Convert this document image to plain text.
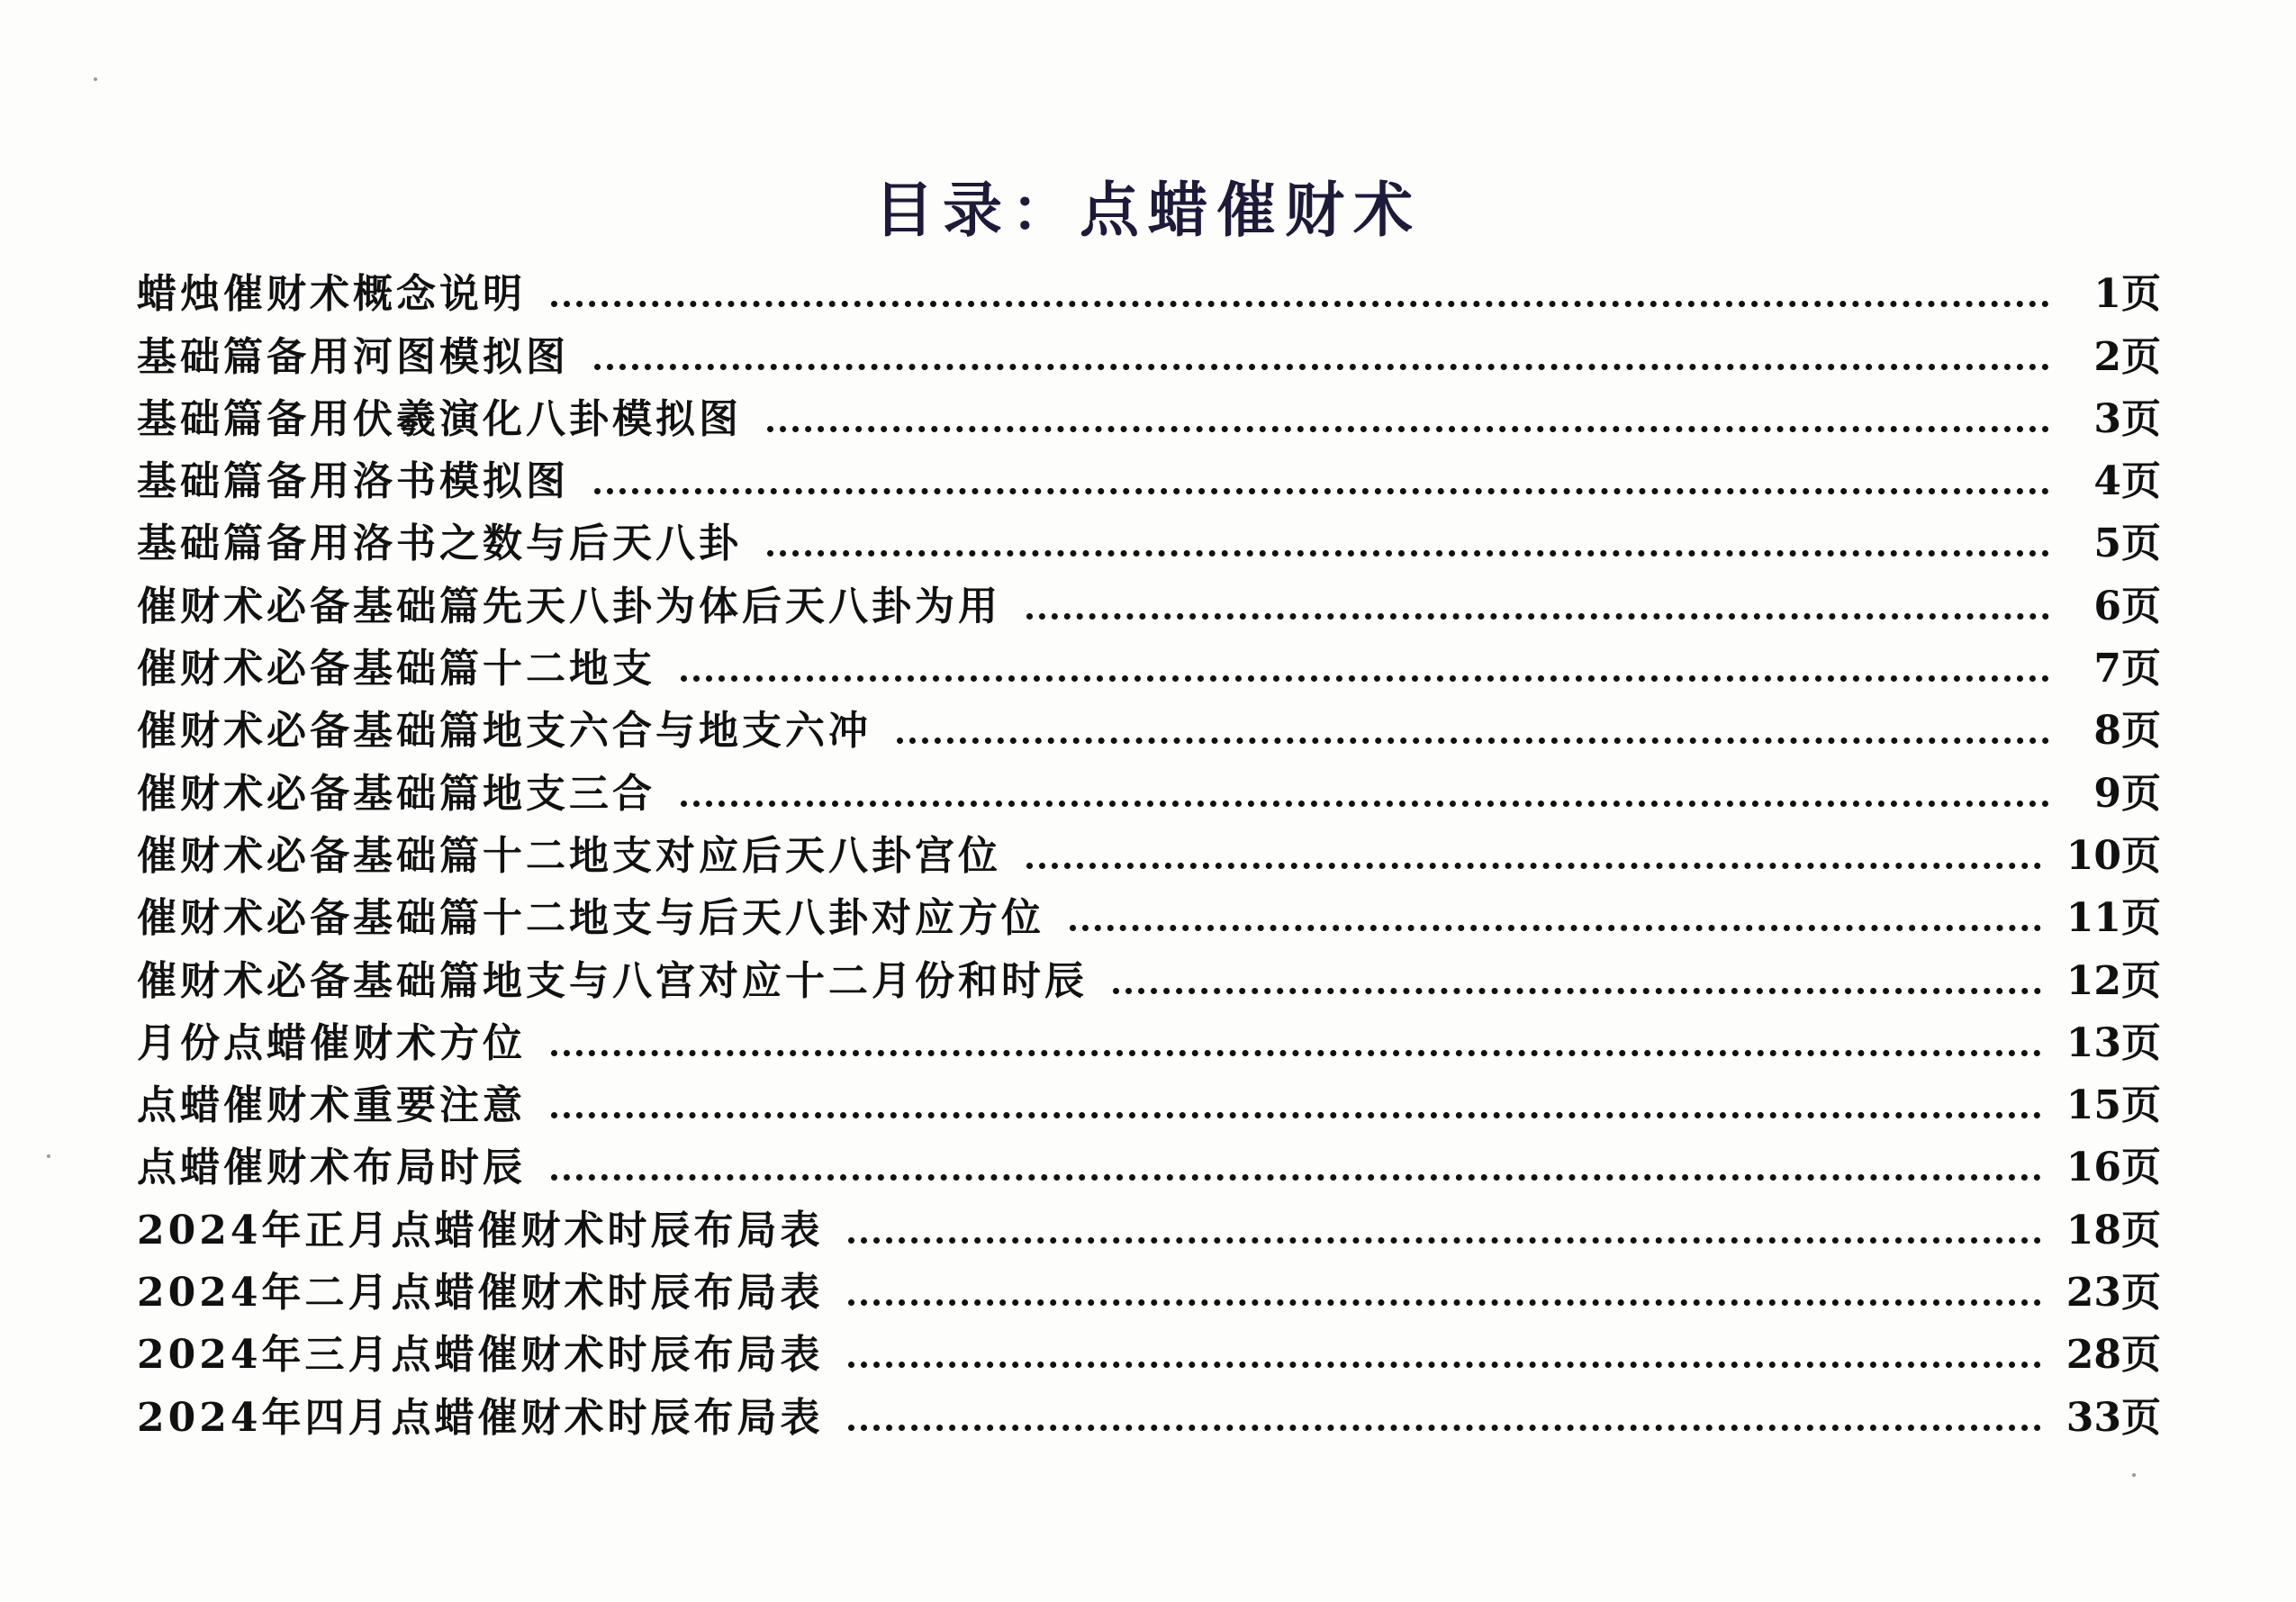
目录：点蜡催财术
蜡烛催财术概念说明	1页
基础篇备用河图模拟图	2页
基础篇备用伏羲演化八卦模拟图	3页
基础篇备用洛书模拟图	4页
基础篇备用洛书之数与后天八卦	5页
催财术必备基础篇先天八卦为体后天八卦为用	6页
催财术必备基础篇十二地支	7页
催财术必备基础篇地支六合与地支六冲	8页
催财术必备基础篇地支三合	9页
催财术必备基础篇十二地支对应后天八卦宫位	10页
催财术必备基础篇十二地支与后天八卦对应方位	11页
催财术必备基础篇地支与八宫对应十二月份和时辰	12页
月份点蜡催财术方位	13页
点蜡催财术重要注意	15页
点蜡催财术布局时辰	16页
2024年正月点蜡催财术时辰布局表	18页
2024年二月点蜡催财术时辰布局表	23页
2024年三月点蜡催财术时辰布局表	28页
2024年四月点蜡催财术时辰布局表	33页
